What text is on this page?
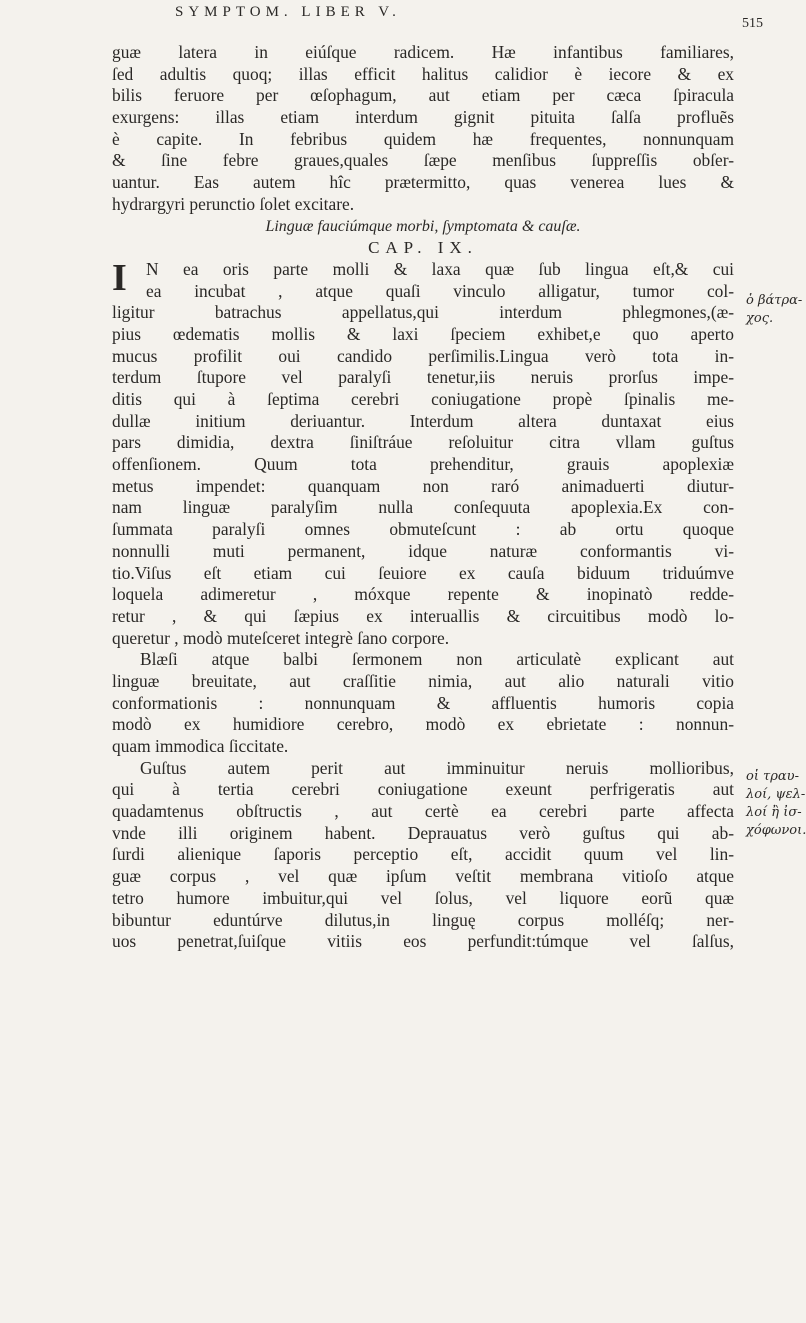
SYMPTOM. LIBER V.
515
guæ latera in eiúſque radicem. Hæ infantibus familiares,
ſed adultis quoq; illas efficit halitus calidior è iecore & ex
bilis feruore per œſophagum, aut etiam per cæca ſpiracula
exurgens: illas etiam interdum gignit pituita ſalſa profluẽs
è capite. In febribus quidem hæ frequentes, nonnunquam
& ſine febre graues,quales ſæpe menſibus ſuppreſſis obſer-
uantur. Eas autem hîc prætermitto, quas venerea lues &
hydrargyri perunctio ſolet excitare.
Linguæ fauciúmque morbi, ſymptomata & cauſæ.
CAP. IX.
I	N ea oris parte molli & laxa quæ ſub lingua eſt,& cui
ea incubat , atque quaſi vinculo alligatur, tumor col-
ligitur batrachus appellatus,qui interdum phlegmones,(æ-
pius œdematis mollis & laxi ſpeciem exhibet,e quo aperto
mucus profilit oui candido perſimilis.Lingua verò tota in-
terdum ſtupore vel paralyſi tenetur,iis neruis prorſus impe-
ditis qui à ſeptima cerebri coniugatione propè ſpinalis me-
dullæ initium deriuantur. Interdum altera duntaxat eius
pars dimidia, dextra ſiniſtráue reſoluitur citra vllam guſtus
offenſionem. Quum tota prehenditur, grauis apoplexiæ
metus impendet: quanquam non raró animaduerti diutur-
nam linguæ paralyſim nulla conſequuta apoplexia.Ex con-
ſummata paralyſi omnes obmuteſcunt : ab ortu quoque
nonnulli muti permanent, idque naturæ conformantis vi-
tio.Viſus eſt etiam cui ſeuiore ex cauſa biduum triduúmve
loquela adimeretur , móxque repente & inopinatò redde-
retur , & qui ſæpius ex interuallis & circuitibus modò lo-
queretur , modò muteſceret integrè ſano corpore.
Blæſi atque balbi ſermonem non articulatè explicant aut
linguæ breuitate, aut craſſitie nimia, aut alio naturali vitio
conformationis : nonnunquam & affluentis humoris copia
modò ex humidiore cerebro, modò ex ebrietate : nonnun-
quam immodica ſiccitate.
Guſtus autem perit aut imminuitur neruis mollioribus,
qui à tertia cerebri coniugatione exeunt perfrigeratis aut
quadamtenus obſtructis , aut certè ea cerebri parte affecta
vnde illi originem habent. Deprauatus verò guſtus qui ab-
ſurdi alienique ſaporis perceptio eſt, accidit quum vel lin-
guæ corpus , vel quæ ipſum veſtit membrana vitioſo atque
tetro humore imbuitur,qui vel ſolus, vel liquore eorũ quæ
bibuntur eduntúrve dilutus,in linguę corpus molléſq; ner-
uos penetrat,ſuiſque vitiis eos perfundit:túmque vel ſalſus,
ὁ βάτρα-
χος.
οἱ τραυ-
λοί, ψελ-
λοί ἢ ἰσ-
χόφωνοι.
